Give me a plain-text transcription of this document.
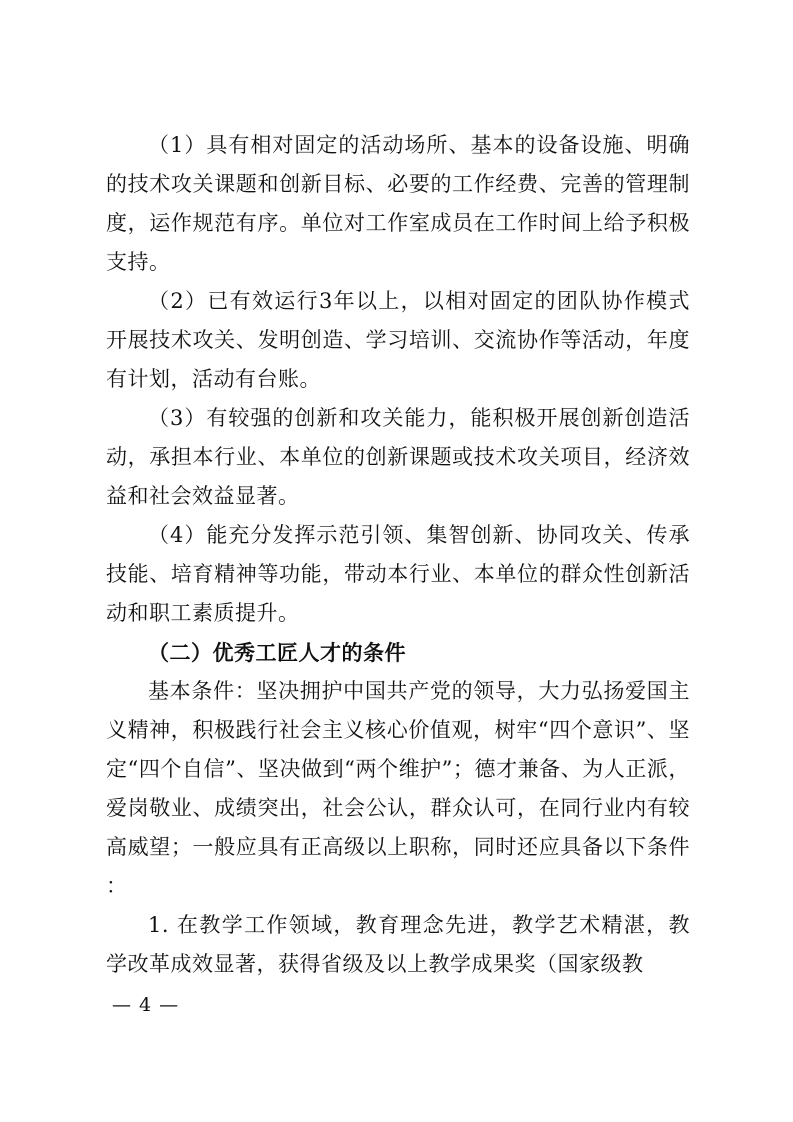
（1）具有相对固定的活动场所、基本的设备设施、明确的技术攻关课题和创新目标、必要的工作经费、完善的管理制度，运作规范有序。单位对工作室成员在工作时间上给予积极支持。

（2）已有效运行3年以上，以相对固定的团队协作模式开展技术攻关、发明创造、学习培训、交流协作等活动，年度有计划，活动有台账。

（3）有较强的创新和攻关能力，能积极开展创新创造活动，承担本行业、本单位的创新课题或技术攻关项目，经济效益和社会效益显著。

（4）能充分发挥示范引领、集智创新、协同攻关、传承技能、培育精神等功能，带动本行业、本单位的群众性创新活动和职工素质提升。

（二）优秀工匠人才的条件

基本条件：坚决拥护中国共产党的领导，大力弘扬爱国主义精神，积极践行社会主义核心价值观，树牢“四个意识”、坚定“四个自信”、坚决做到“两个维护”；德才兼备、为人正派，爱岗敬业、成绩突出，社会公认，群众认可，在同行业内有较高威望；一般应具有正高级以上职称，同时还应具备以下条件：

1. 在教学工作领域，教育理念先进，教学艺术精湛，教学改革成效显著，获得省级及以上教学成果奖（国家级教

— 4 —
